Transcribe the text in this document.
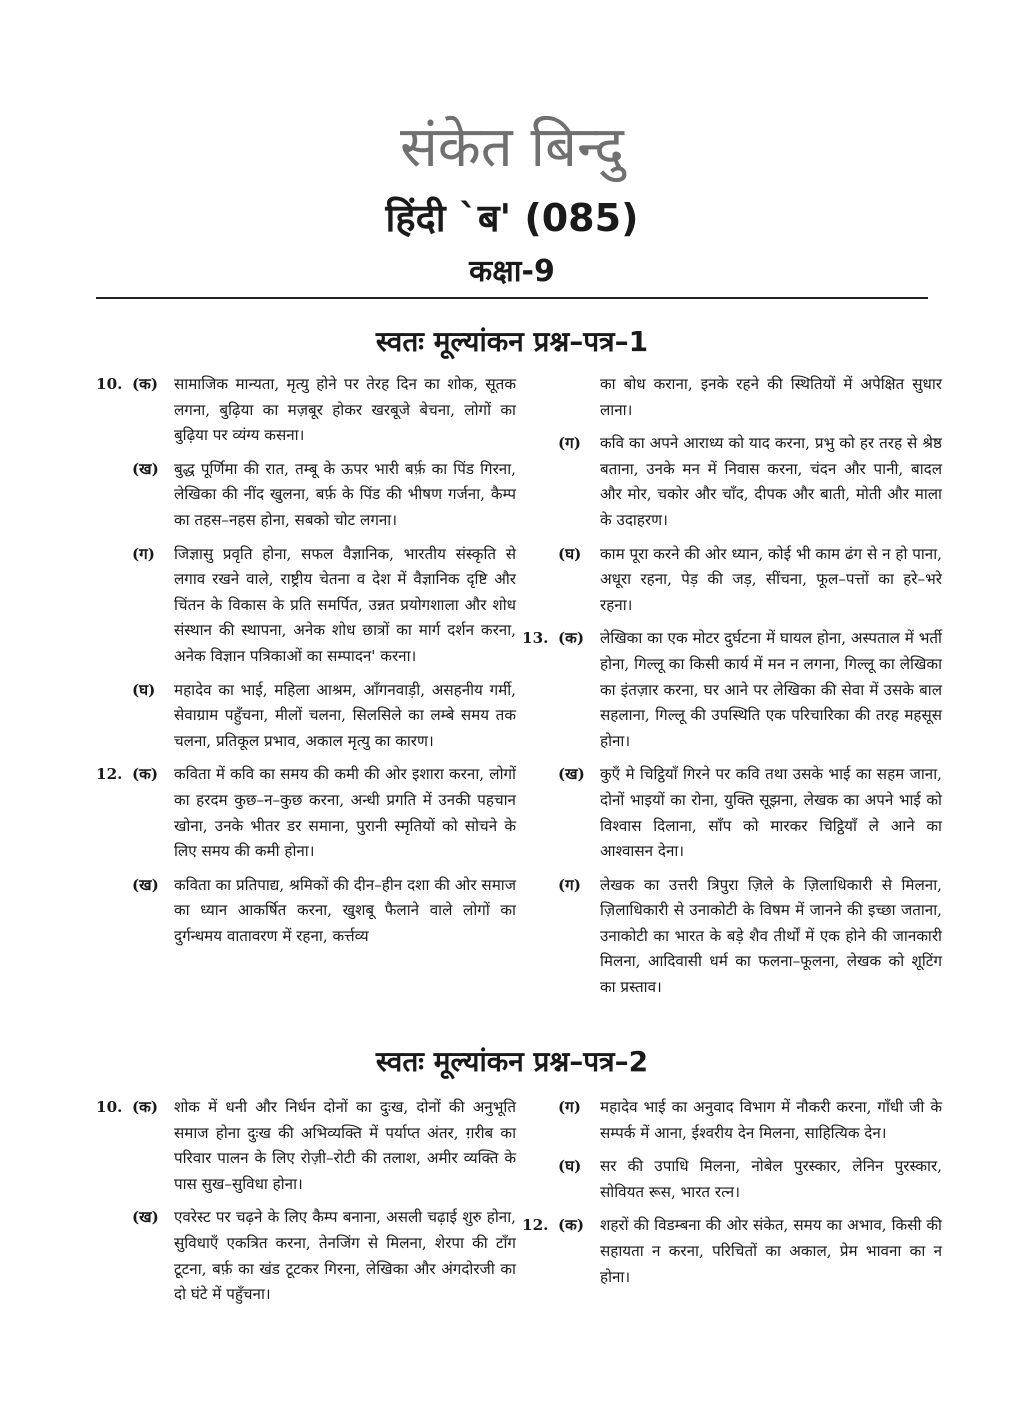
संकेत बिन्दु
हिंदी `ब' (085)
कक्षा-9
स्वतः मूल्यांकन प्रश्न–पत्र–1
10. (क) सामाजिक मान्यता, मृत्यु होने पर तेरह दिन का शोक, सूतक लगना, बुढ़िया का मज़बूर होकर खरबूजे बेचना, लोगों का बुढ़िया पर व्यंग्य कसना।
(ख) बुद्ध पूर्णिमा की रात, तम्बू के ऊपर भारी बर्फ़ का पिंड गिरना, लेखिका की नींद खुलना, बर्फ़ के पिंड की भीषण गर्जना, कैम्प का तहस–नहस होना, सबको चोट लगना।
(ग) जिज्ञासु प्रवृति होना, सफल वैज्ञानिक, भारतीय संस्कृति से लगाव रखने वाले, राष्ट्रीय चेतना व देश में वैज्ञानिक दृष्टि और चिंतन के विकास के प्रति समर्पित, उन्नत प्रयोगशाला और शोध संस्थान की स्थापना, अनेक शोध छात्रों का मार्ग दर्शन करना, अनेक विज्ञान पत्रिकाओं का सम्पादन' करना।
(घ) महादेव का भाई, महिला आश्रम, आँगनवाड़ी, असहनीय गर्मी, सेवाग्राम पहुँचना, मीलों चलना, सिलसिले का लम्बे समय तक चलना, प्रतिकूल प्रभाव, अकाल मृत्यु का कारण।
12. (क) कविता में कवि का समय की कमी की ओर इशारा करना, लोगों का हरदम कुछ–न–कुछ करना, अन्धी प्रगति में उनकी पहचान खोना, उनके भीतर डर समाना, पुरानी स्मृतियों को सोचने के लिए समय की कमी होना।
(ख) कविता का प्रतिपाद्य, श्रमिकों की दीन–हीन दशा की ओर समाज का ध्यान आकर्षित करना, खुशबू फैलाने वाले लोगों का दुर्गन्धमय वातावरण में रहना, कर्त्तव्य
का बोध कराना, इनके रहने की स्थितियों में अपेक्षित सुधार लाना।
(ग) कवि का अपने आराध्य को याद करना, प्रभु को हर तरह से श्रेष्ठ बताना, उनके मन में निवास करना, चंदन और पानी, बादल और मोर, चकोर और चाँद, दीपक और बाती, मोती और माला के उदाहरण।
(घ) काम पूरा करने की ओर ध्यान, कोई भी काम ढंग से न हो पाना, अधूरा रहना, पेड़ की जड़, सींचना, फूल–पत्तों का हरे–भरे रहना।
13. (क) लेखिका का एक मोटर दुर्घटना में घायल होना, अस्पताल में भर्ती होना, गिल्लू का किसी कार्य में मन न लगना, गिल्लू का लेखिका का इंतज़ार करना, घर आने पर लेखिका की सेवा में उसके बाल सहलाना, गिल्लू की उपस्थिति एक परिचारिका की तरह महसूस होना।
(ख) कुएँ मे चिट्ठियाँ गिरने पर कवि तथा उसके भाई का सहम जाना, दोनों भाइयों का रोना, युक्ति सूझना, लेखक का अपने भाई को विश्वास दिलाना, साँप को मारकर चिट्ठियाँ ले आने का आश्वासन देना।
(ग) लेखक का उत्तरी त्रिपुरा ज़िले के ज़िलाधिकारी से मिलना, ज़िलाधिकारी से उनाकोटी के विषम में जानने की इच्छा जताना, उनाकोटी का भारत के बड़े शैव तीर्थों में एक होने की जानकारी मिलना, आदिवासी धर्म का फलना–फूलना, लेखक को शूटिंग का प्रस्ताव।
स्वतः मूल्यांकन प्रश्न–पत्र–2
10. (क) शोक में धनी और निर्धन दोनों का दुःख, दोनों की अनुभूति समाज होना दुःख की अभिव्यक्ति में पर्याप्त अंतर, ग़रीब का परिवार पालन के लिए रोज़ी–रोटी की तलाश, अमीर व्यक्ति के पास सुख–सुविधा होना।
(ख) एवरेस्ट पर चढ़ने के लिए कैम्प बनाना, असली चढ़ाई शुरु होना, सुविधाएँ एकत्रित करना, तेनजिंग से मिलना, शेरपा की टाँग टूटना, बर्फ़ का खंड टूटकर गिरना, लेखिका और अंगदोरजी का दो घंटे में पहुँचना।
(ग) महादेव भाई का अनुवाद विभाग में नौकरी करना, गाँधी जी के सम्पर्क में आना, ईश्वरीय देन मिलना, साहित्यिक देन।
(घ) सर की उपाधि मिलना, नोबेल पुरस्कार, लेनिन पुरस्कार, सोवियत रूस, भारत रत्न।
12. (क) शहरों की विडम्बना की ओर संकेत, समय का अभाव, किसी की सहायता न करना, परिचितों का अकाल, प्रेम भावना का न होना।
